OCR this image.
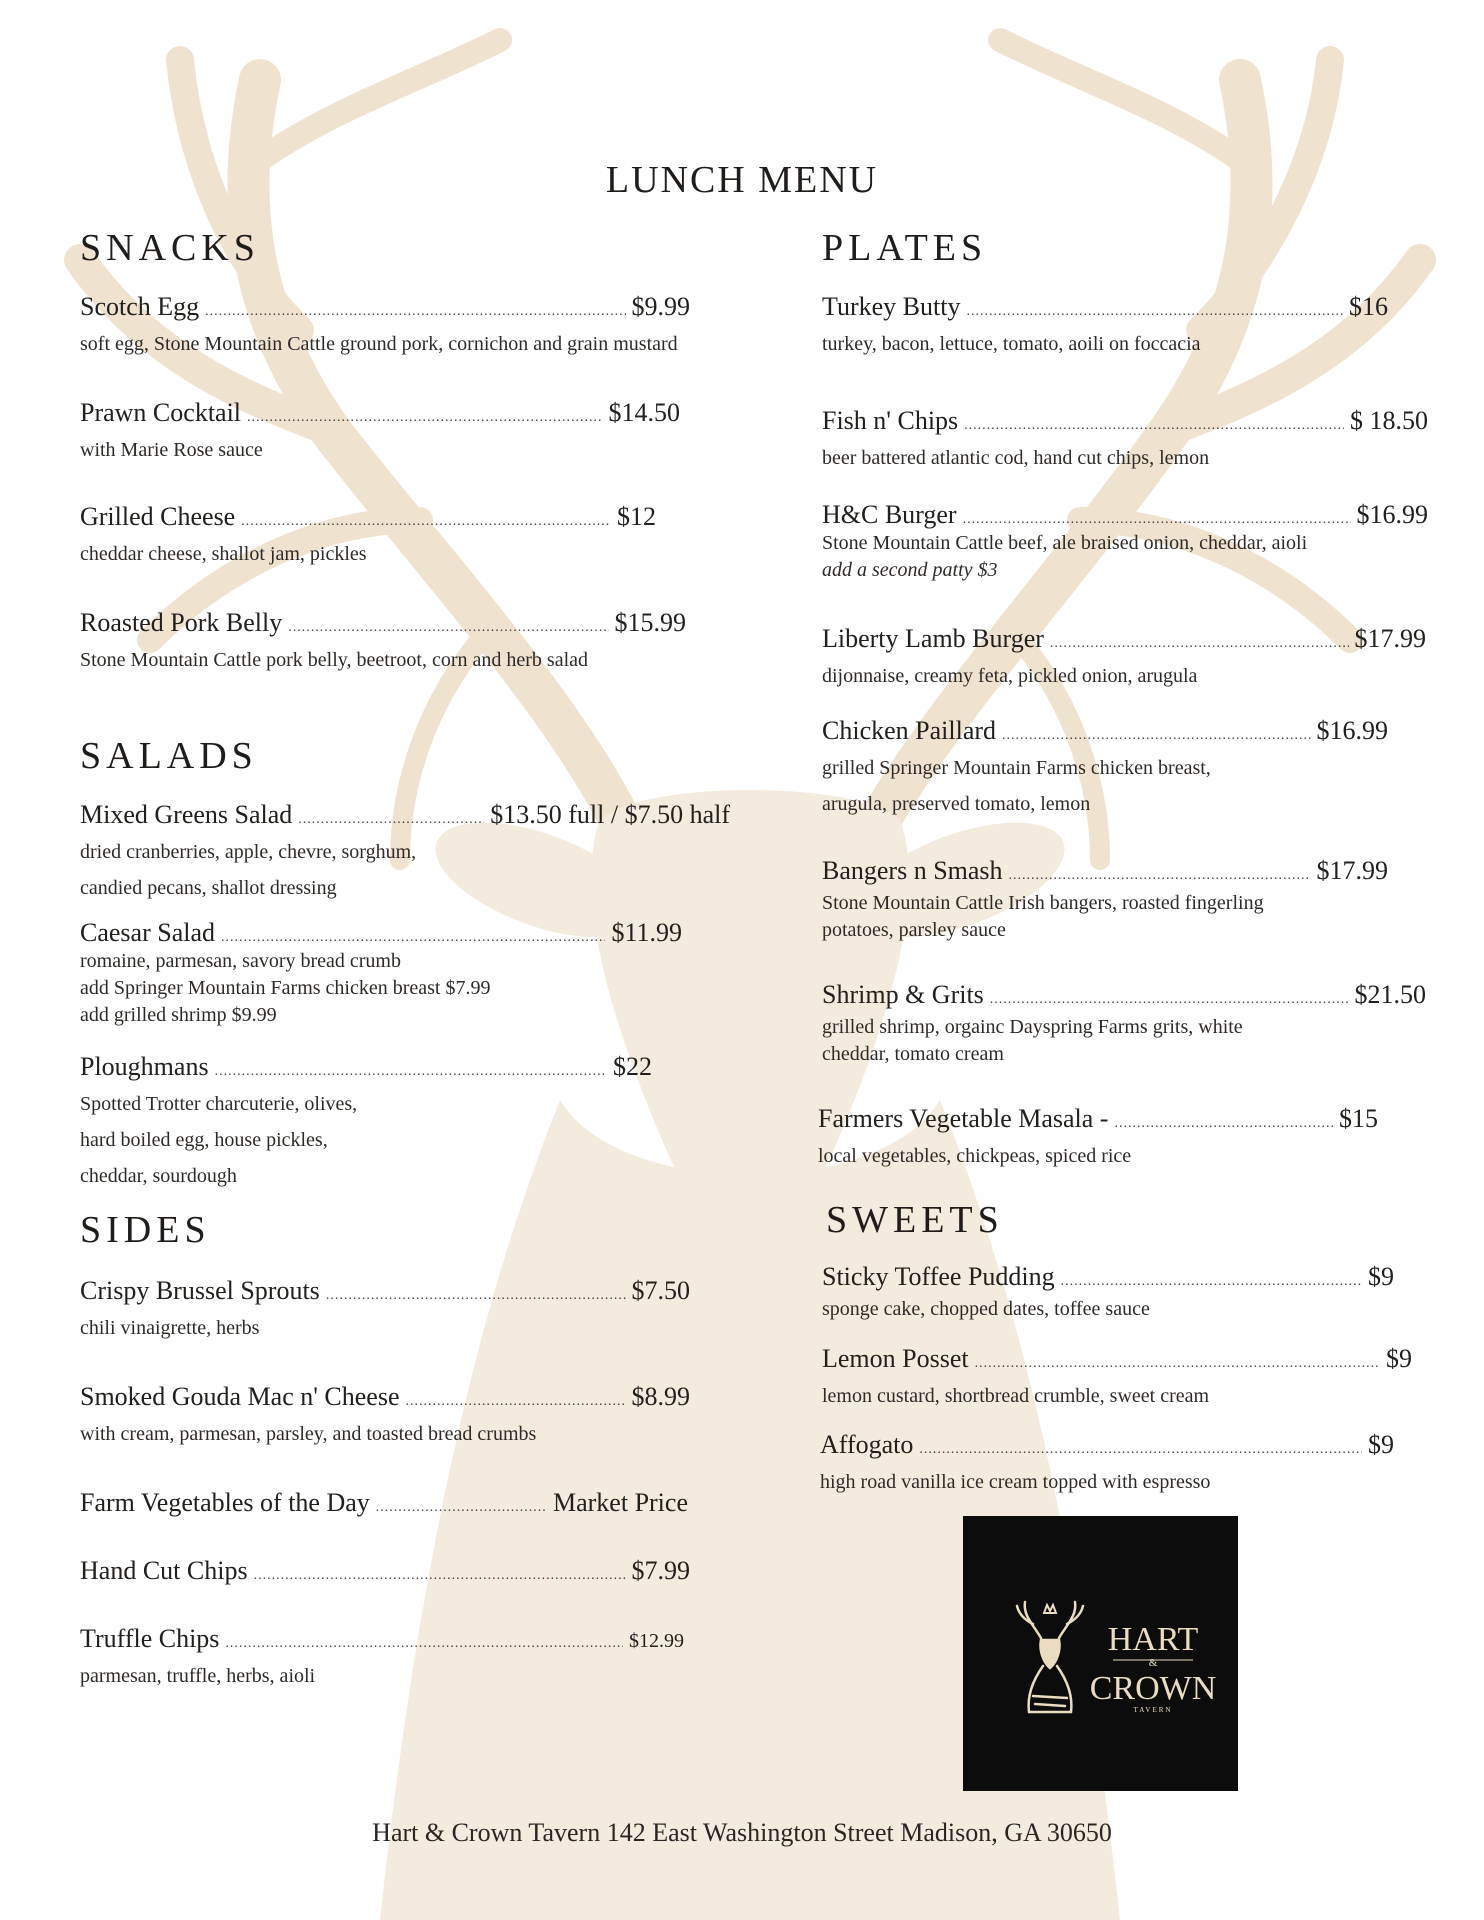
LUNCH MENU
SNACKS
Scotch Egg .....	$9.99
soft egg, Stone Mountain Cattle ground pork, cornichon and grain mustard
Prawn Cocktail .....	$14.50
with Marie Rose sauce
Grilled Cheese .....	$12
cheddar cheese, shallot jam, pickles
Roasted Pork Belly .....	$15.99
Stone Mountain Cattle pork belly, beetroot, corn and herb salad
SALADS
Mixed Greens Salad .....	$13.50 full / $7.50 half
dried cranberries, apple, chevre, sorghum,
candied pecans, shallot dressing
Caesar Salad .....	$11.99
romaine, parmesan, savory bread crumb
add Springer Mountain Farms chicken breast $7.99
add grilled shrimp $9.99
Ploughmans .....	$22
Spotted Trotter charcuterie, olives,
hard boiled egg, house pickles,
cheddar, sourdough
SIDES
Crispy Brussel Sprouts .....	$7.50
chili vinaigrette, herbs
Smoked Gouda Mac n' Cheese .....	$8.99
with cream, parmesan, parsley, and toasted bread crumbs
Farm Vegetables of the Day .....	Market Price
Hand Cut Chips .....	$7.99
Truffle Chips .....	$12.99
parmesan, truffle, herbs, aioli
PLATES
Turkey Butty .....	$16
turkey, bacon, lettuce, tomato, aoili on foccacia
Fish n' Chips .....	$ 18.50
beer battered atlantic cod, hand cut chips, lemon
H&C Burger .....	$16.99
Stone Mountain Cattle beef, ale braised onion, cheddar, aioli
add a second patty $3
Liberty Lamb Burger .....	$17.99
dijonnaise, creamy feta, pickled onion, arugula
Chicken Paillard .....	$16.99
grilled Springer Mountain Farms chicken breast,
arugula, preserved tomato, lemon
Bangers n Smash .....	$17.99
Stone Mountain Cattle Irish bangers, roasted fingerling
potatoes, parsley sauce
Shrimp & Grits .....	$21.50
grilled shrimp, orgainc Dayspring Farms grits, white
cheddar, tomato cream
Farmers Vegetable Masala - .....	$15
local vegetables, chickpeas, spiced rice
SWEETS
Sticky Toffee Pudding .....	$9
sponge cake, chopped dates, toffee sauce
Lemon Posset .....	$9
lemon custard, shortbread crumble, sweet cream
Affogato .....	$9
high road vanilla ice cream topped with espresso
HART
&
CROWN
TAVERN
Hart & Crown Tavern 142 East Washington Street Madison, GA 30650
